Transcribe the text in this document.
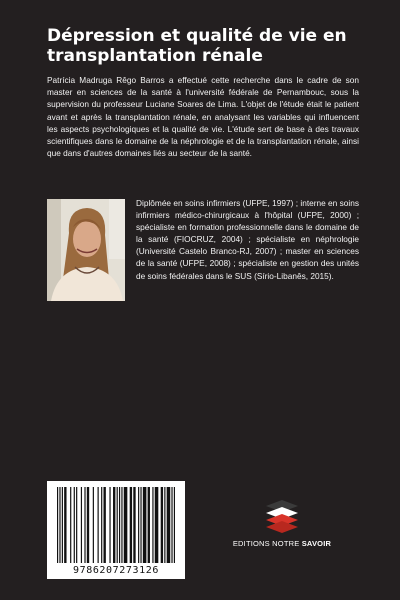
Dépression et qualité de vie en transplantation rénale

Patrícia Madruga Rêgo Barros a effectué cette recherche dans le cadre de son master en sciences de la santé à l'université fédérale de Pernambouc, sous la supervision du professeur Luciane Soares de Lima. L'objet de l'étude était le patient avant et après la transplantation rénale, en analysant les variables qui influencent les aspects psychologiques et la qualité de vie. L'étude sert de base à des travaux scientifiques dans le domaine de la néphrologie et de la transplantation rénale, ainsi que dans d'autres domaines liés au secteur de la santé.

Diplômée en soins infirmiers (UFPE, 1997) ; interne en soins infirmiers médico-chirurgicaux à l'hôpital (UFPE, 2000) ; spécialiste en formation professionnelle dans le domaine de la santé (FIOCRUZ, 2004) ; spécialiste en néphrologie (Université Castelo Branco-RJ, 2007) ; master en sciences de la santé (UFPE, 2008) ; spécialiste en gestion des unités de soins fédérales dans le SUS (Sírio-Libanês, 2015).

9786207273126
EDITIONS NOTRE SAVOIR
